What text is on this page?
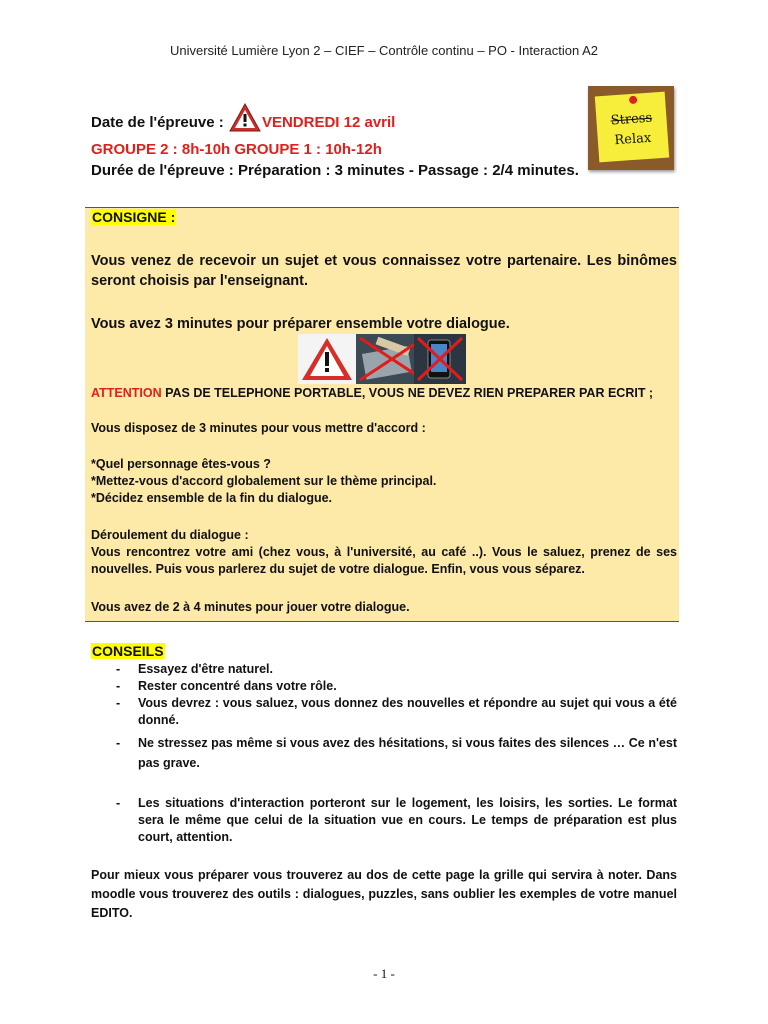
Université Lumière Lyon 2 – CIEF – Contrôle continu – PO - Interaction A2
Date de l'épreuve :	VENDREDI 12 avril
GROUPE 2 : 8h-10h GROUPE 1 : 10h-12h
Durée de l'épreuve : Préparation : 3 minutes - Passage : 2/4 minutes.
Stress
Relax
CONSIGNE :
Vous venez de recevoir un sujet et vous connaissez votre partenaire. Les binômes seront choisis par l'enseignant.
Vous avez 3 minutes pour préparer ensemble votre dialogue.
ATTENTION PAS DE TELEPHONE PORTABLE, VOUS NE DEVEZ RIEN PREPARER PAR ECRIT ;
Vous disposez de 3 minutes pour vous mettre d'accord :
*Quel personnage êtes-vous ?
*Mettez-vous d'accord globalement sur le thème principal.
*Décidez ensemble de la fin du dialogue.
Déroulement du dialogue :
Vous rencontrez votre ami (chez vous, à l'université, au café ..). Vous le saluez, prenez de ses nouvelles. Puis vous parlerez du sujet de votre dialogue. Enfin, vous vous séparez.
Vous avez de 2 à 4 minutes pour jouer votre dialogue.
CONSEILS
- Essayez d'être naturel.
- Rester concentré dans votre rôle.
- Vous devrez : vous saluez, vous donnez des nouvelles et répondre au sujet qui vous a été donné.
- Ne stressez pas même si vous avez des hésitations, si vous faites des silences … Ce n'est pas grave.
- Les situations d'interaction porteront sur le logement, les loisirs, les sorties. Le format sera le même que celui de la situation vue en cours. Le temps de préparation est plus court, attention.
Pour mieux vous préparer vous trouverez au dos de cette page la grille qui servira à noter. Dans moodle vous trouverez des outils : dialogues, puzzles, sans oublier les exemples de votre manuel EDITO.
- 1 -
